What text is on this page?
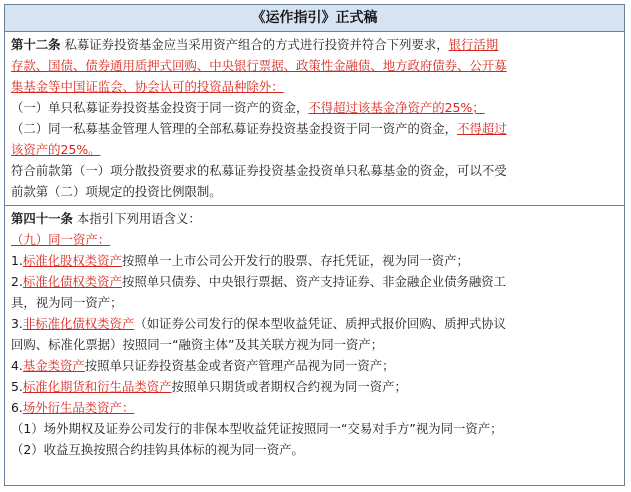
《运作指引》正式稿
第十二条 私募证券投资基金应当采用资产组合的方式进行投资并符合下列要求，银行活期
存款、国债、债券通用质押式回购、中央银行票据、政策性金融债、地方政府债券、公开募
集基金等中国证监会、协会认可的投资品种除外：
（一）单只私募证券投资基金投资于同一资产的资金，不得超过该基金净资产的25%；
（二）同一私募基金管理人管理的全部私募证券投资基金投资于同一资产的资金，不得超过
该资产的25%。
符合前款第（一）项分散投资要求的私募证券投资基金投资单只私募基金的资金，可以不受
前款第（二）项规定的投资比例限制。
第四十一条 本指引下列用语含义：
（九）同一资产：
1.标准化股权类资产按照单一上市公司公开发行的股票、存托凭证，视为同一资产；
2.标准化债权类资产按照单只债券、中央银行票据、资产支持证券、非金融企业债务融资工
具，视为同一资产；
3.非标准化债权类资产（如证券公司发行的保本型收益凭证、质押式报价回购、质押式协议
回购、标准化票据）按照同一“融资主体”及其关联方视为同一资产；
4.基金类资产按照单只证券投资基金或者资产管理产品视为同一资产；
5.标准化期货和衍生品类资产按照单只期货或者期权合约视为同一资产；
6.场外衍生品类资产：
（1）场外期权及证券公司发行的非保本型收益凭证按照同一“交易对手方”视为同一资产；
（2）收益互换按照合约挂钩具体标的视为同一资产。
